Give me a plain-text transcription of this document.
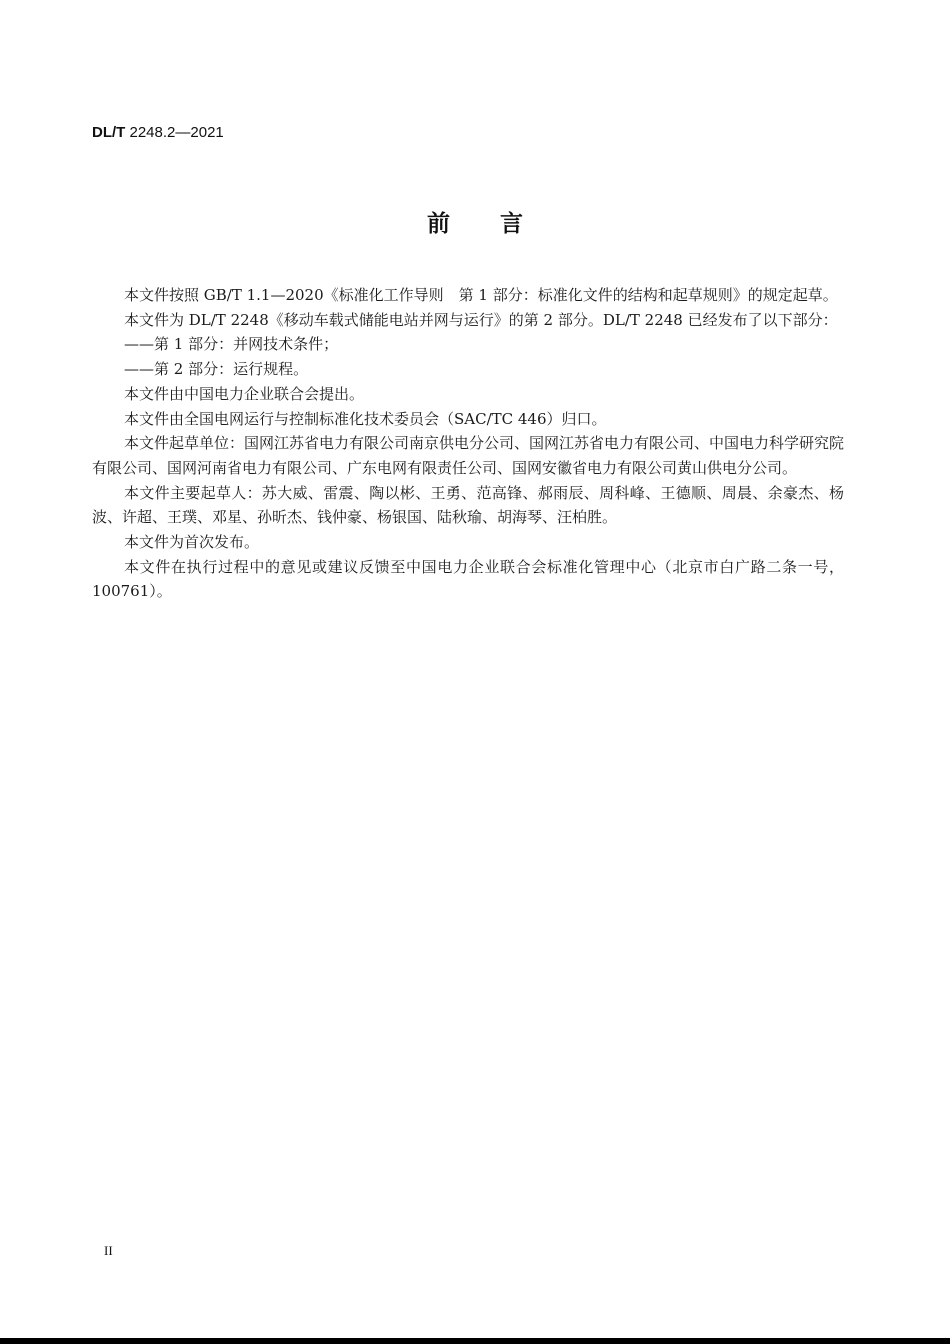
DL/T 2248.2—2021
前言

本文件按照 GB/T 1.1—2020《标准化工作导则　第 1 部分：标准化文件的结构和起草规则》的规定起草。

本文件为 DL/T 2248《移动车载式储能电站并网与运行》的第 2 部分。DL/T 2248 已经发布了以下部分：

——第 1 部分：并网技术条件；

——第 2 部分：运行规程。

本文件由中国电力企业联合会提出。

本文件由全国电网运行与控制标准化技术委员会（SAC/TC 446）归口。

本文件起草单位：国网江苏省电力有限公司南京供电分公司、国网江苏省电力有限公司、中国电力科学研究院有限公司、国网河南省电力有限公司、广东电网有限责任公司、国网安徽省电力有限公司黄山供电分公司。

本文件主要起草人：苏大威、雷震、陶以彬、王勇、范高锋、郝雨辰、周科峰、王德顺、周晨、余豪杰、杨波、许超、王璞、邓星、孙昕杰、钱仲豪、杨银国、陆秋瑜、胡海琴、汪柏胜。

本文件为首次发布。

本文件在执行过程中的意见或建议反馈至中国电力企业联合会标准化管理中心（北京市白广路二条一号，100761）。

II
